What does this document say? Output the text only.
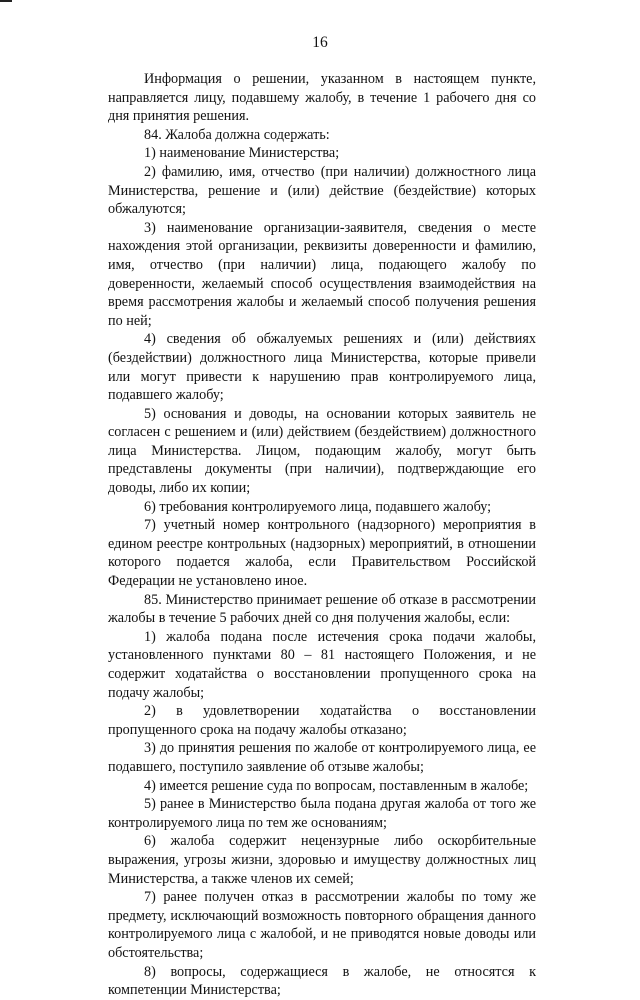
16

Информация о решении, указанном в настоящем пункте, направляется лицу, подавшему жалобу, в течение 1 рабочего дня со дня принятия решения.

84. Жалоба должна содержать:

1) наименование Министерства;

2) фамилию, имя, отчество (при наличии) должностного лица Министерства, решение и (или) действие (бездействие) которых обжалуются;

3) наименование организации-заявителя, сведения о месте нахождения этой организации, реквизиты доверенности и фамилию, имя, отчество (при наличии) лица, подающего жалобу по доверенности, желаемый способ осуществления взаимодействия на время рассмотрения жалобы и желаемый способ получения решения по ней;

4) сведения об обжалуемых решениях и (или) действиях (бездействии) должностного лица Министерства, которые привели или могут привести к нарушению прав контролируемого лица, подавшего жалобу;

5) основания и доводы, на основании которых заявитель не согласен с решением и (или) действием (бездействием) должностного лица Министерства. Лицом, подающим жалобу, могут быть представлены документы (при наличии), подтверждающие его доводы, либо их копии;

6) требования контролируемого лица, подавшего жалобу;

7) учетный номер контрольного (надзорного) мероприятия в едином реестре контрольных (надзорных) мероприятий, в отношении которого подается жалоба, если Правительством Российской Федерации не установлено иное.

85. Министерство принимает решение об отказе в рассмотрении жалобы в течение 5 рабочих дней со дня получения жалобы, если:

1) жалоба подана после истечения срока подачи жалобы, установленного пунктами 80 – 81 настоящего Положения, и не содержит ходатайства о восстановлении пропущенного срока на подачу жалобы;

2) в удовлетворении ходатайства о восстановлении пропущенного срока на подачу жалобы отказано;

3) до принятия решения по жалобе от контролируемого лица, ее подавшего, поступило заявление об отзыве жалобы;

4) имеется решение суда по вопросам, поставленным в жалобе;

5) ранее в Министерство была подана другая жалоба от того же контролируемого лица по тем же основаниям;

6) жалоба содержит нецензурные либо оскорбительные выражения, угрозы жизни, здоровью и имуществу должностных лиц Министерства, а также членов их семей;

7) ранее получен отказ в рассмотрении жалобы по тому же предмету, исключающий возможность повторного обращения данного контролируемого лица с жалобой, и не приводятся новые доводы или обстоятельства;

8) вопросы, содержащиеся в жалобе, не относятся к компетенции Министерства;
